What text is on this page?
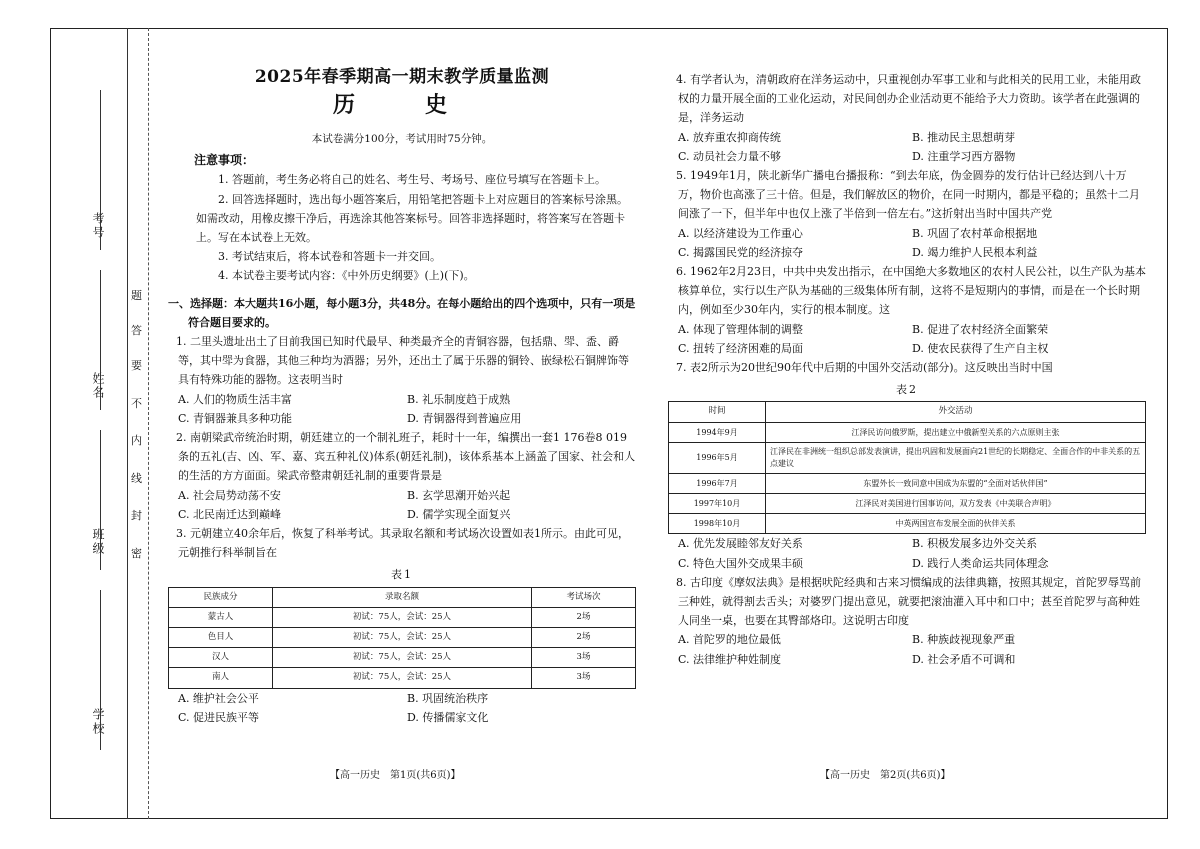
考号
姓名
班级
学校
题
答
要
不
内
线
封
密
2025年春季期高一期末教学质量监测
历　史
本试卷满分100分，考试用时75分钟。
注意事项：
1. 答题前，考生务必将自己的姓名、考生号、考场号、座位号填写在答题卡上。
2. 回答选择题时，选出每小题答案后，用铅笔把答题卡上对应题目的答案标号涂黑。如需改动，用橡皮擦干净后，再选涂其他答案标号。回答非选择题时，将答案写在答题卡上。写在本试卷上无效。
3. 考试结束后，将本试卷和答题卡一并交回。
4. 本试卷主要考试内容：《中外历史纲要》(上)(下)。
一、选择题：本大题共16小题，每小题3分，共48分。在每小题给出的四个选项中，只有一项是
符合题目要求的。
1. 二里头遗址出土了目前我国已知时代最早、种类最齐全的青铜容器，包括鼎、斝、盉、爵等，其中斝为食器，其他三种均为酒器；另外，还出土了属于乐器的铜铃、嵌绿松石铜牌饰等具有特殊功能的器物。这表明当时
A. 人们的物质生活丰富	B. 礼乐制度趋于成熟
C. 青铜器兼具多种功能	D. 青铜器得到普遍应用
2. 南朝梁武帝统治时期，朝廷建立的一个制礼班子，耗时十一年，编撰出一套1 176卷8 019条的五礼(吉、凶、军、嘉、宾五种礼仪)体系(朝廷礼制)，该体系基本上涵盖了国家、社会和人的生活的方方面面。梁武帝整肃朝廷礼制的重要背景是
A. 社会局势动荡不安	B. 玄学思潮开始兴起
C. 北民南迁达到巅峰	D. 儒学实现全面复兴
3. 元朝建立40余年后，恢复了科举考试。其录取名额和考试场次设置如表1所示。由此可见，元朝推行科举制旨在
表1
民族成分	录取名额	考试场次
蒙古人	初试：75人，会试：25人	2场
色目人	初试：75人，会试：25人	2场
汉人	初试：75人，会试：25人	3场
南人	初试：75人，会试：25人	3场
A. 维护社会公平	B. 巩固统治秩序
C. 促进民族平等	D. 传播儒家文化
4. 有学者认为，清朝政府在洋务运动中，只重视创办军事工业和与此相关的民用工业，未能用政权的力量开展全面的工业化运动，对民间创办企业活动更不能给予大力资助。该学者在此强调的是，洋务运动
A. 放弃重农抑商传统	B. 推动民主思想萌芽
C. 动员社会力量不够	D. 注重学习西方器物
5. 1949年1月，陕北新华广播电台播报称：“到去年底，伪金圆券的发行估计已经达到八十万万，物价也高涨了三十倍。但是，我们解放区的物价，在同一时期内，都是平稳的；虽然十二月间涨了一下，但半年中也仅上涨了半倍到一倍左右。”这折射出当时中国共产党
A. 以经济建设为工作重心	B. 巩固了农村革命根据地
C. 揭露国民党的经济掠夺	D. 竭力维护人民根本利益
6. 1962年2月23日，中共中央发出指示，在中国绝大多数地区的农村人民公社，以生产队为基本核算单位，实行以生产队为基础的三级集体所有制，这将不是短期内的事情，而是在一个长时期内，例如至少30年内，实行的根本制度。这
A. 体现了管理体制的调整	B. 促进了农村经济全面繁荣
C. 扭转了经济困难的局面	D. 使农民获得了生产自主权
7. 表2所示为20世纪90年代中后期的中国外交活动(部分)。这反映出当时中国
表2
时间	外交活动
1994年9月	江泽民访问俄罗斯，提出建立中俄新型关系的六点原则主张
1996年5月	江泽民在非洲统一组织总部发表演讲，提出巩固和发展面向21世纪的长期稳定、全面合作的中非关系的五点建议
1996年7月	东盟外长一致同意中国成为东盟的“全面对话伙伴国”
1997年10月	江泽民对美国进行国事访问，双方发表《中美联合声明》
1998年10月	中英两国宣布发展全面的伙伴关系
A. 优先发展睦邻友好关系	B. 积极发展多边外交关系
C. 特色大国外交成果丰硕	D. 践行人类命运共同体理念
8. 古印度《摩奴法典》是根据吠陀经典和古来习惯编成的法律典籍，按照其规定，首陀罗辱骂前三种姓，就得割去舌头；对婆罗门提出意见，就要把滚油灌入耳中和口中；甚至首陀罗与高种姓人同坐一桌，也要在其臀部烙印。这说明古印度
A. 首陀罗的地位最低	B. 种族歧视现象严重
C. 法律维护种姓制度	D. 社会矛盾不可调和
【高一历史　第1页(共6页)】	【高一历史　第2页(共6页)】
